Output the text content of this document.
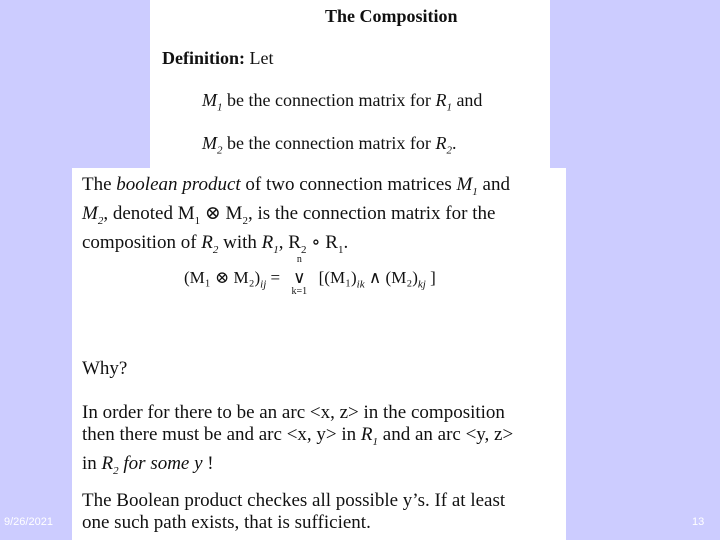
The Composition
Definition: Let
$M_1$ be the connection matrix for $R_1$ and
$M_2$ be the connection matrix for $R_2$.
The boolean product of two connection matrices $M_1$ and
$M_2$, denoted $M_1$ ⊗ $M_2$, is the connection matrix for the
composition of $R_2$ with $R_1$, $R_2$ ∘ $R_1$.
(M₁ ⊗ $M_2)_{ij}$ =
n
∨
k=1
[$(M_1)_{ik}$ ∧ $(M_2)_{kj}$ ]
Why?
In order for there to be an arc <x, z> in the composition
then there must be and arc <x, y> in $R_1$ and an arc <y, z>
in $R_2$ for some y !
The Boolean product checkes all possible y’s. If at least
one such path exists, that is sufficient.
9/26/2021	13
